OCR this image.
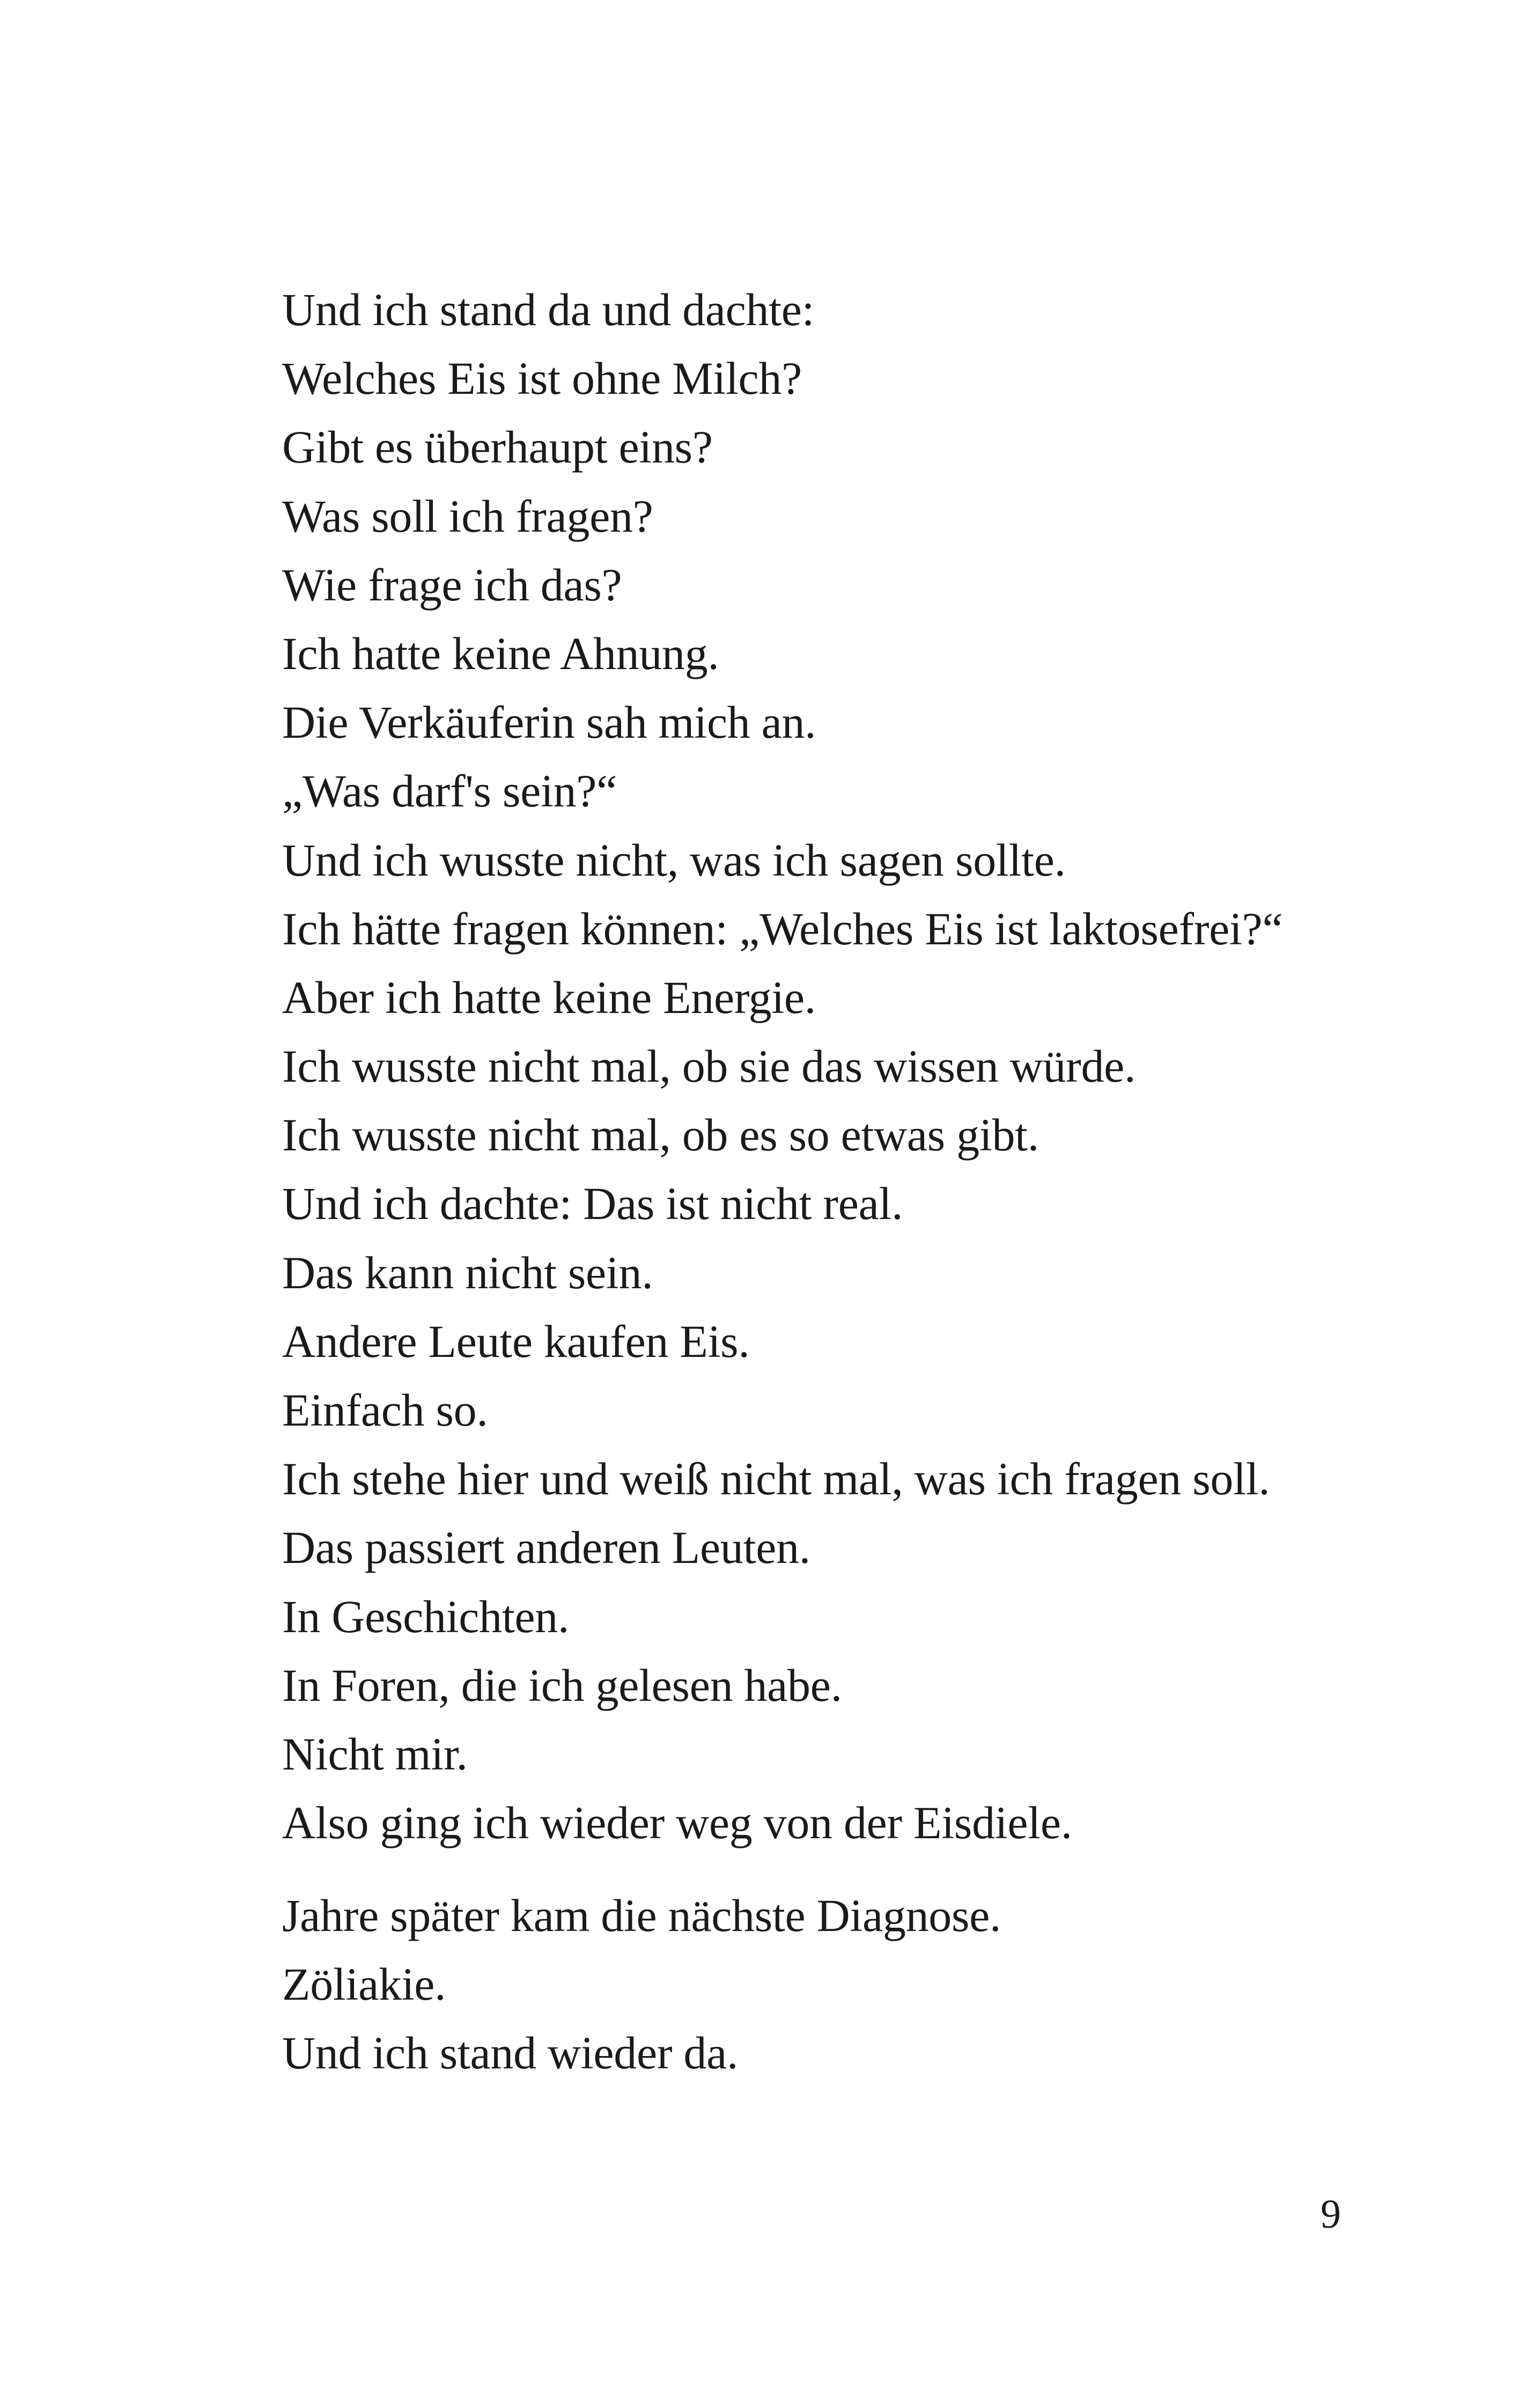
Und ich stand da und dachte:
Welches Eis ist ohne Milch?
Gibt es überhaupt eins?
Was soll ich fragen?
Wie frage ich das?
Ich hatte keine Ahnung.
Die Verkäuferin sah mich an.
„Was darf's sein?“
Und ich wusste nicht, was ich sagen sollte.
Ich hätte fragen können: „Welches Eis ist laktosefrei?“
Aber ich hatte keine Energie.
Ich wusste nicht mal, ob sie das wissen würde.
Ich wusste nicht mal, ob es so etwas gibt.
Und ich dachte: Das ist nicht real.
Das kann nicht sein.
Andere Leute kaufen Eis.
Einfach so.
Ich stehe hier und weiß nicht mal, was ich fragen soll.
Das passiert anderen Leuten.
In Geschichten.
In Foren, die ich gelesen habe.
Nicht mir.
Also ging ich wieder weg von der Eisdiele.
Jahre später kam die nächste Diagnose.
Zöliakie.
Und ich stand wieder da.
9
